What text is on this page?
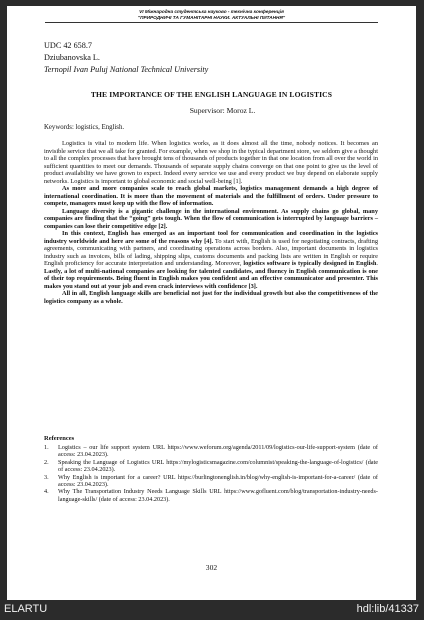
VI Міжнародна студентська науково - технічна конференція
"ПРИРОДНИЧІ ТА ГУМАНІТАРНІ НАУКИ. АКТУАЛЬНІ ПИТАННЯ"
UDC 42 658.7
Dziubanovska L.
Ternopil Ivan Puluj National Technical University
THE IMPORTANCE OF THE ENGLISH LANGUAGE IN LOGISTICS
Supervisor: Moroz L.
Keywords: logistics, English.

Logistics is vital to modern life. When logistics works, as it does almost all the time, nobody notices. It becomes an invisible service that we all take for granted. For example, when we shop in the typical department store, we seldom give a thought to all the complex processes that have brought tens of thousands of products together in that one location from all over the world in sufficient quantities to meet our demands. Thousands of separate supply chains converge on that one point to give us the level of product availability we have grown to expect. Indeed every service we use and every product we buy depend on elaborate supply networks. Logistics is important to global economic and social well-being [1].

As more and more companies scale to reach global markets, logistics management demands a high degree of international coordination. It is more than the movement of materials and the fulfillment of orders. Under pressure to compete, managers must keep up with the flow of information.

Language diversity is a gigantic challenge in the international environment. As supply chains go global, many companies are finding that the “going” gets tough. When the flow of communication is interrupted by language barriers – companies can lose their competitive edge [2].

In this context, English has emerged as an important tool for communication and coordination in the logistics industry worldwide and here are some of the reasons why [4]. To start with, English is used for negotiating contracts, drafting agreements, communicating with partners, and coordinating operations across borders. Also, important documents in logistics industry such as invoices, bills of lading, shipping slips, customs documents and packing lists are written in English or require English proficiency for accurate interpretation and understanding. Moreover, logistics software is typically designed in English. Lastly, a lot of multi-national companies are looking for talented candidates, and fluency in English communication is one of their top requirements. Being fluent in English makes you confident and an effective communicator and presenter. This makes you stand out at your job and even crack interviews with confidence [3].

All in all, English language skills are beneficial not just for the individual growth but also the competitiveness of the logistics company as a whole.

References
1. Logistics – our life support system URL https://www.weforum.org/agenda/2011/09/logistics-our-life-support-system (date of access: 23.04.2023).
2. Speaking the Language of Logistics URL https://mylogisticsmagazine.com/columnist/speaking-the-language-of-logistics/ (date of access: 23.04.2023).
3. Why English is important for a career? URL https://burlingtonenglish.in/blog/why-english-is-important-for-a-career/ (date of access: 23.04.2023).
4. Why The Transportation Industry Needs Language Skills URL https://www.gofluent.com/blog/transportation-industry-needs-language-skills/ (date of access: 23.04.2023).
302
ELARTU	hdl:lib/41337
